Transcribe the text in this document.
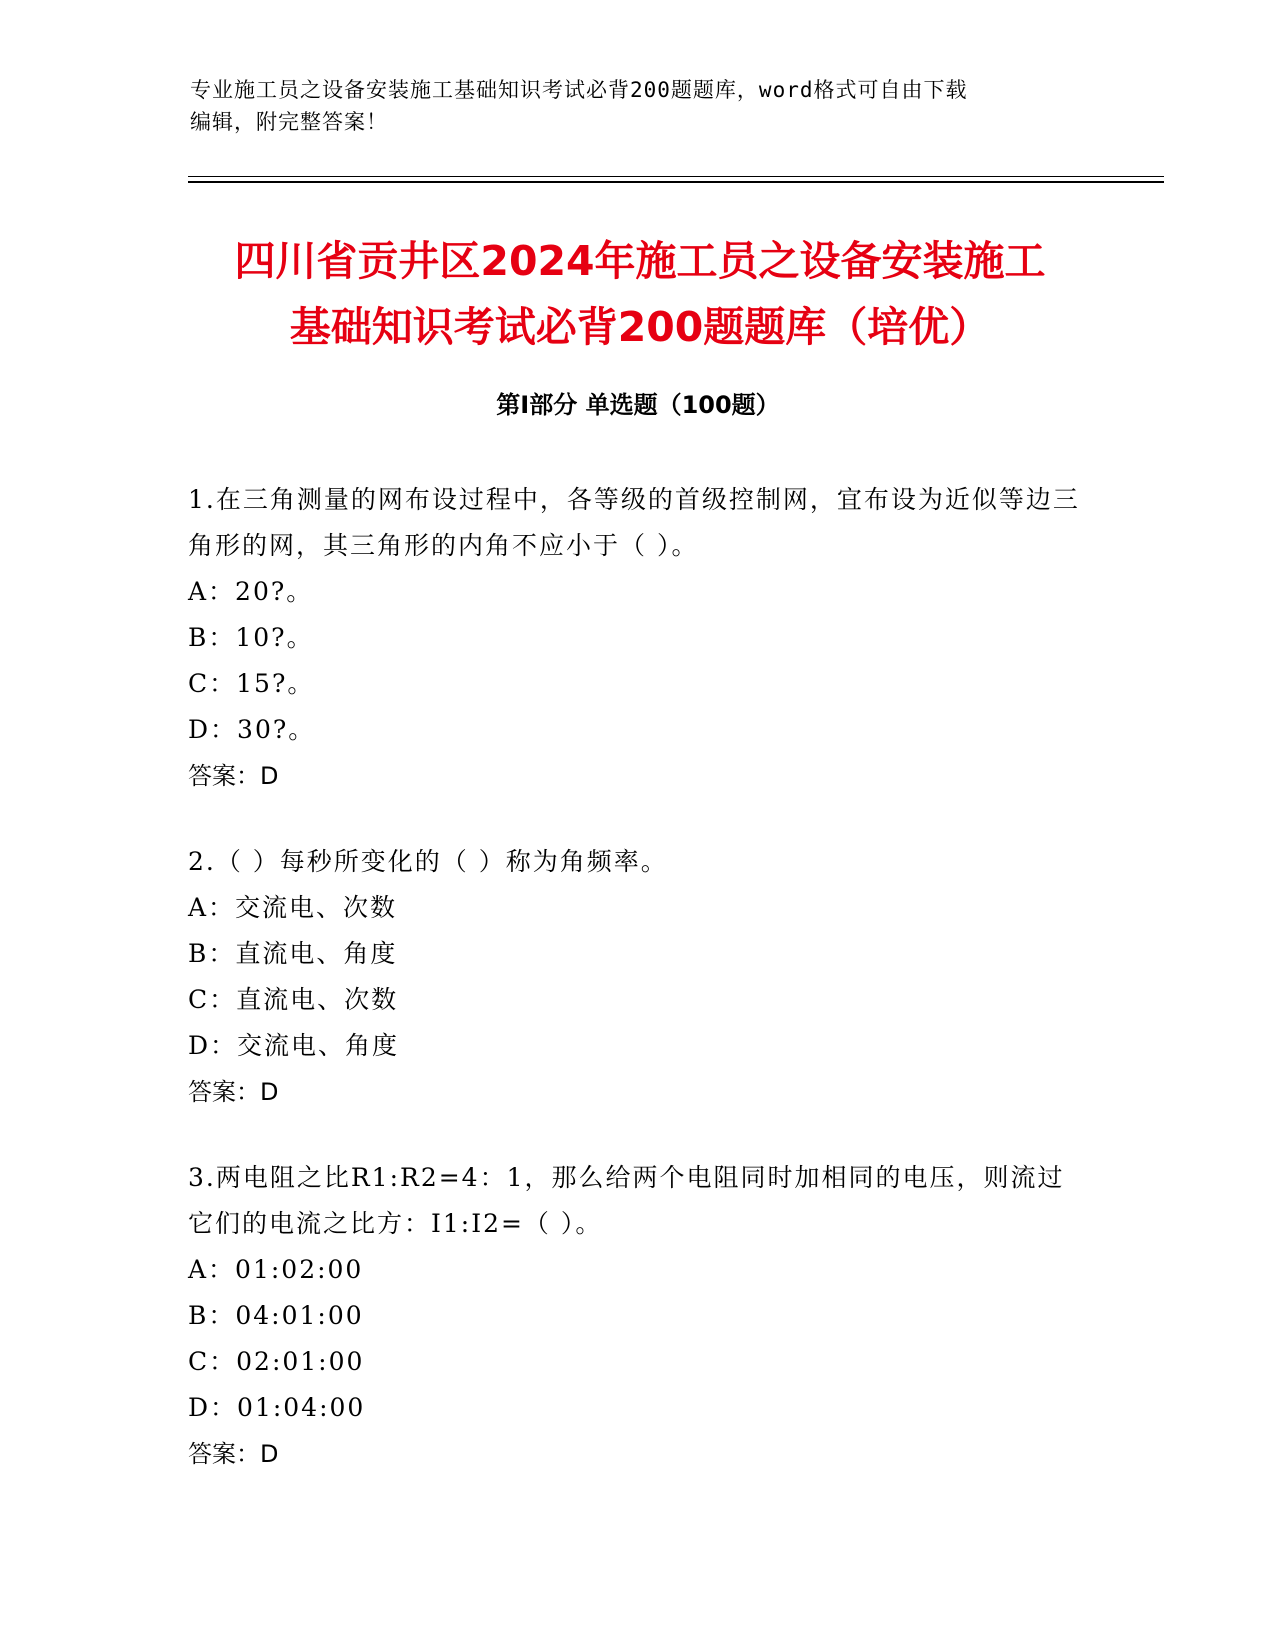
专业施工员之设备安装施工基础知识考试必背200题题库，word格式可自由下载
编辑，附完整答案！
四川省贡井区2024年施工员之设备安装施工
基础知识考试必背200题题库（培优）
第Ⅰ部分 单选题（100题）
1.在三角测量的网布设过程中，各等级的首级控制网，宜布设为近似等边三角形的网，其三角形的内角不应小于（ ）。
A：20?。
B：10?。
C：15?。
D：30?。
答案：D
2.（ ）每秒所变化的（ ）称为角频率。
A：交流电、次数
B：直流电、角度
C：直流电、次数
D：交流电、角度
答案：D
3.两电阻之比R1:R2=4：1，那么给两个电阻同时加相同的电压，则流过它们的电流之比方：I1:I2=（ ）。
A：01:02:00
B：04:01:00
C：02:01:00
D：01:04:00
答案：D
